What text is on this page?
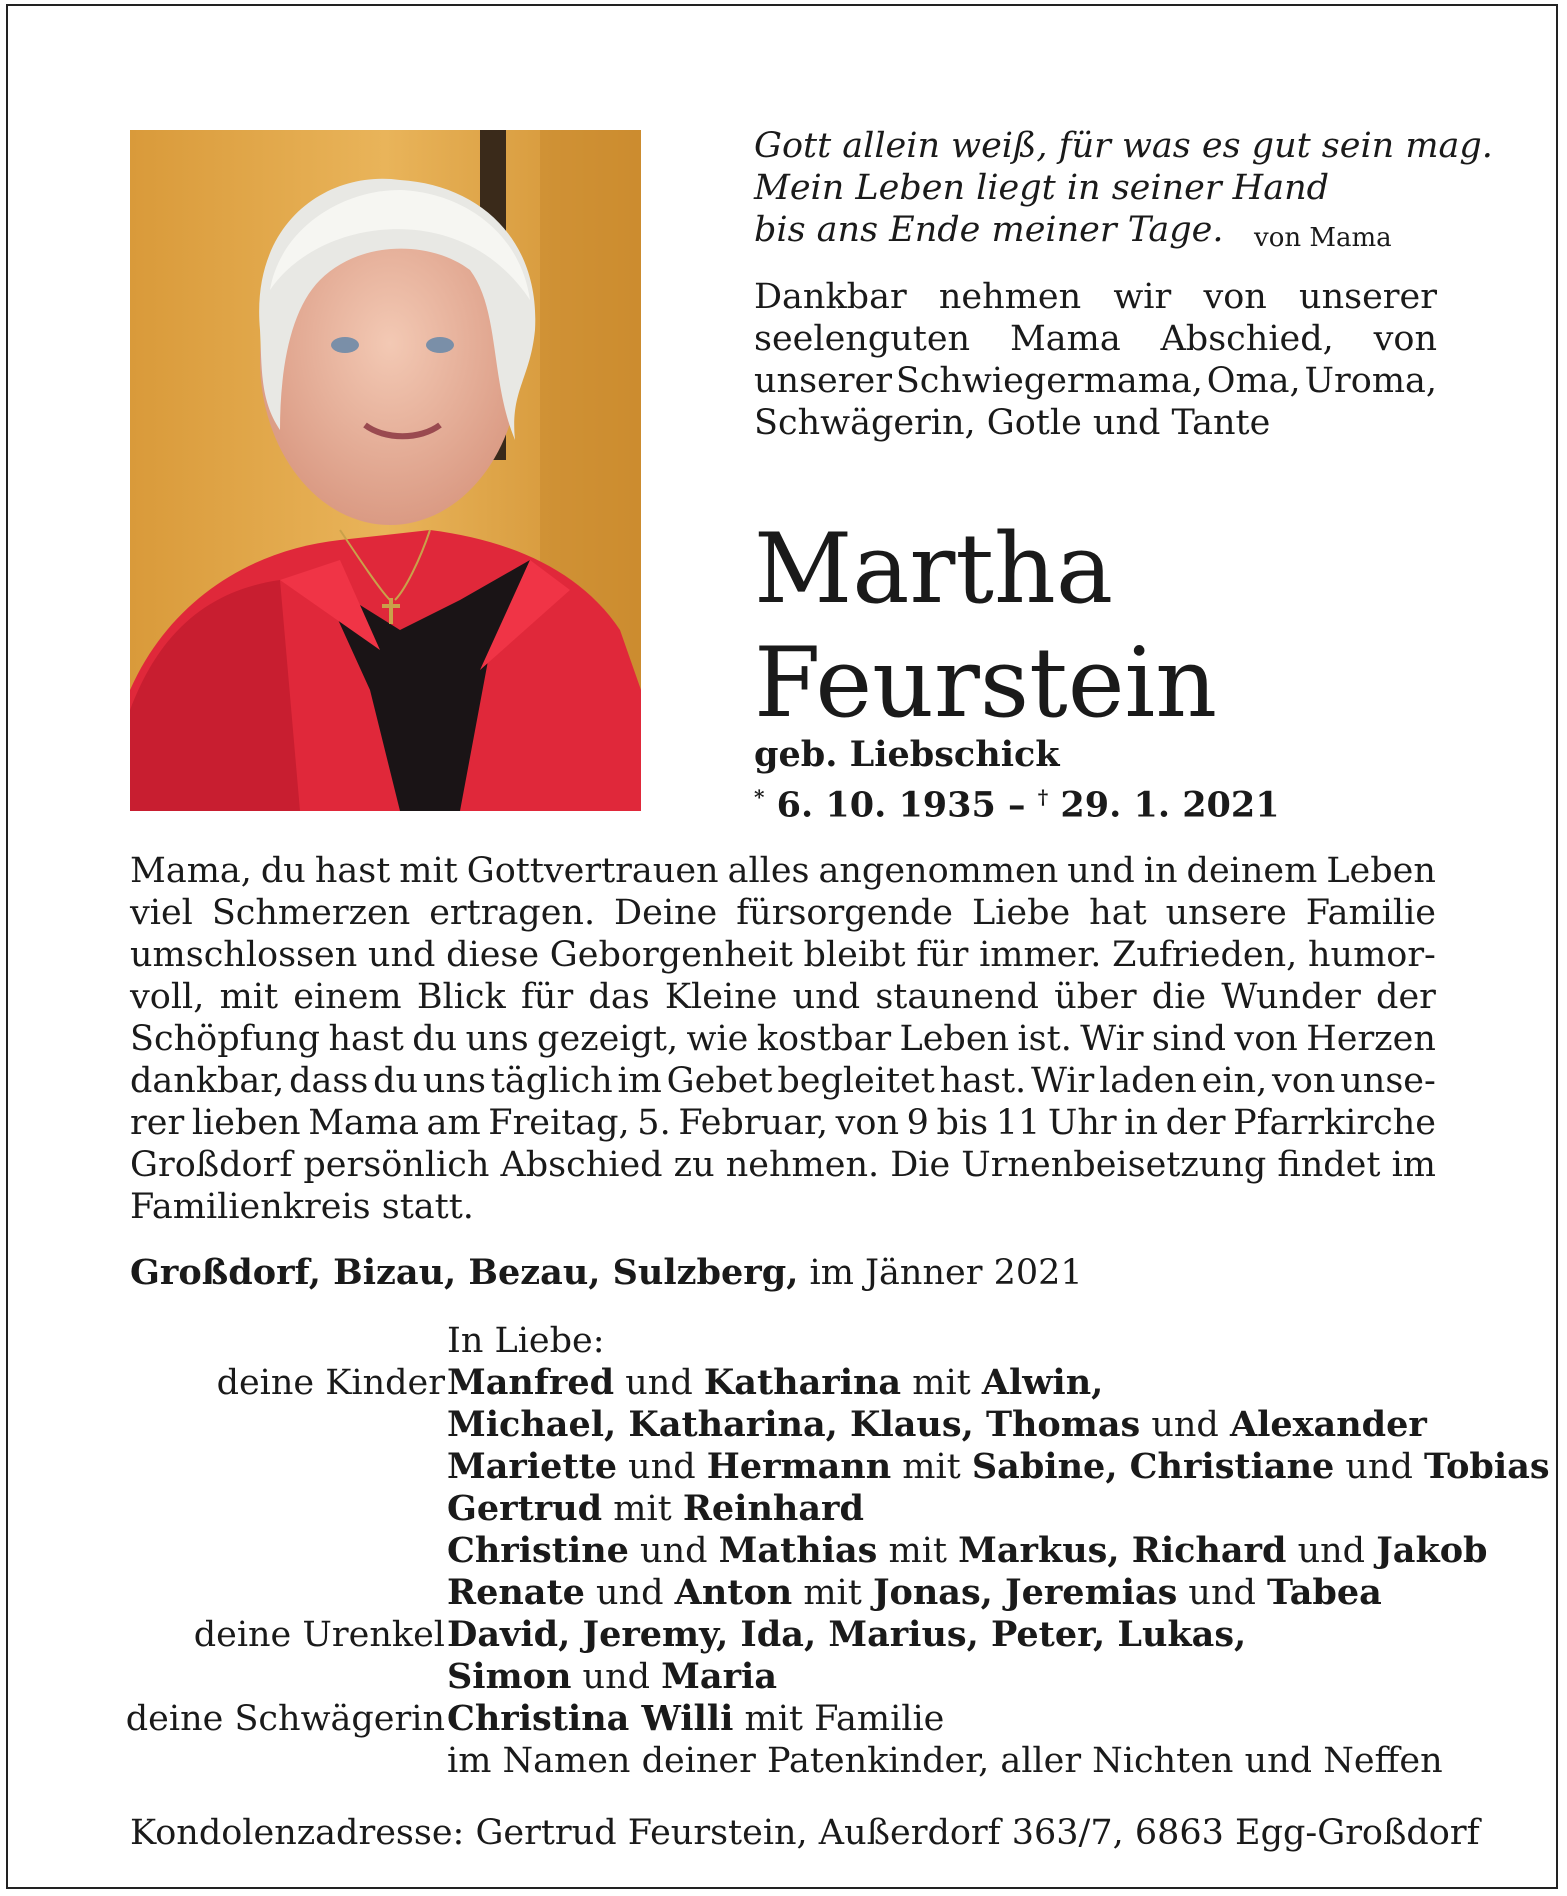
Gott allein weiß, für was es gut sein mag.
Mein Leben liegt in seiner Hand
bis ans Ende meiner Tage.	von Mama
Dankbar nehmen wir von unserer
seelenguten Mama Abschied, von
unserer Schwiegermama, Oma, Uroma,
Schwägerin, Gotle und Tante
Martha
Feurstein
geb. Liebschick
* 6. 10. 1935 – † 29. 1. 2021
Mama, du hast mit Gottvertrauen alles angenommen und in deinem Leben
viel Schmerzen ertragen. Deine fürsorgende Liebe hat unsere Familie
umschlossen und diese Geborgenheit bleibt für immer. Zufrieden, humor-
voll, mit einem Blick für das Kleine und staunend über die Wunder der
Schöpfung hast du uns gezeigt, wie kostbar Leben ist. Wir sind von Herzen
dankbar, dass du uns täglich im Gebet begleitet hast. Wir laden ein, von unse-
rer lieben Mama am Freitag, 5. Februar, von 9 bis 11 Uhr in der Pfarrkirche
Großdorf persönlich Abschied zu nehmen. Die Urnenbeisetzung findet im
Familienkreis statt.
Großdorf, Bizau, Bezau, Sulzberg, im Jänner 2021
In Liebe:
deine Kinder Manfred und Katharina mit Alwin,
Michael, Katharina, Klaus, Thomas und Alexander
Mariette und Hermann mit Sabine, Christiane und Tobias
Gertrud mit Reinhard
Christine und Mathias mit Markus, Richard und Jakob
Renate und Anton mit Jonas, Jeremias und Tabea
deine Urenkel David, Jeremy, Ida, Marius, Peter, Lukas,
Simon und Maria
deine Schwägerin Christina Willi mit Familie
im Namen deiner Patenkinder, aller Nichten und Neffen
Kondolenzadresse: Gertrud Feurstein, Außerdorf 363/7, 6863 Egg-Großdorf
